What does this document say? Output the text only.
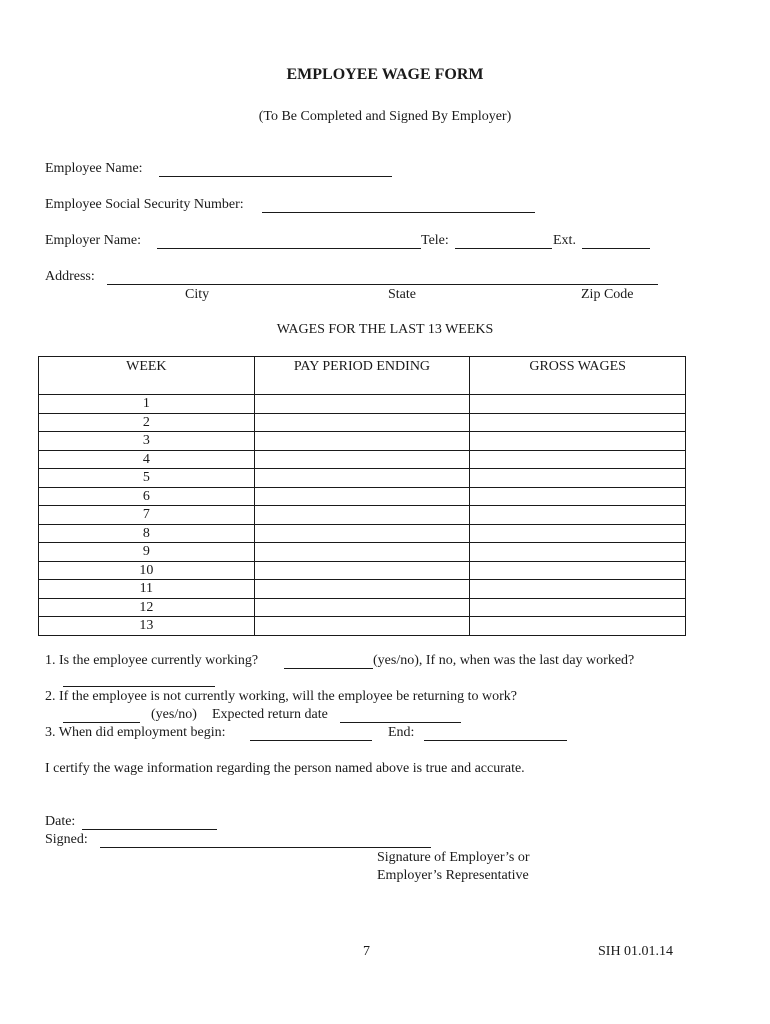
EMPLOYEE WAGE FORM
(To Be Completed and Signed By Employer)
Employee Name:
Employee Social Security Number:
Employer Name:	Tele:	Ext.
Address:
City	State	Zip Code
WAGES FOR THE LAST 13 WEEKS
WEEK	PAY PERIOD ENDING	GROSS WAGES
1		
2		
3		
4		
5		
6		
7		
8		
9		
10		
11		
12		
13		
1. Is the employee currently working?	(yes/no), If no, when was the last day worked?
2. If the employee is not currently working, will the employee be returning to work?
(yes/no) Expected return date
3. When did employment begin:	End:
I certify the wage information regarding the person named above is true and accurate.
Date:
Signed:
Signature of Employer’s or
Employer’s Representative
7	SIH 01.01.14
